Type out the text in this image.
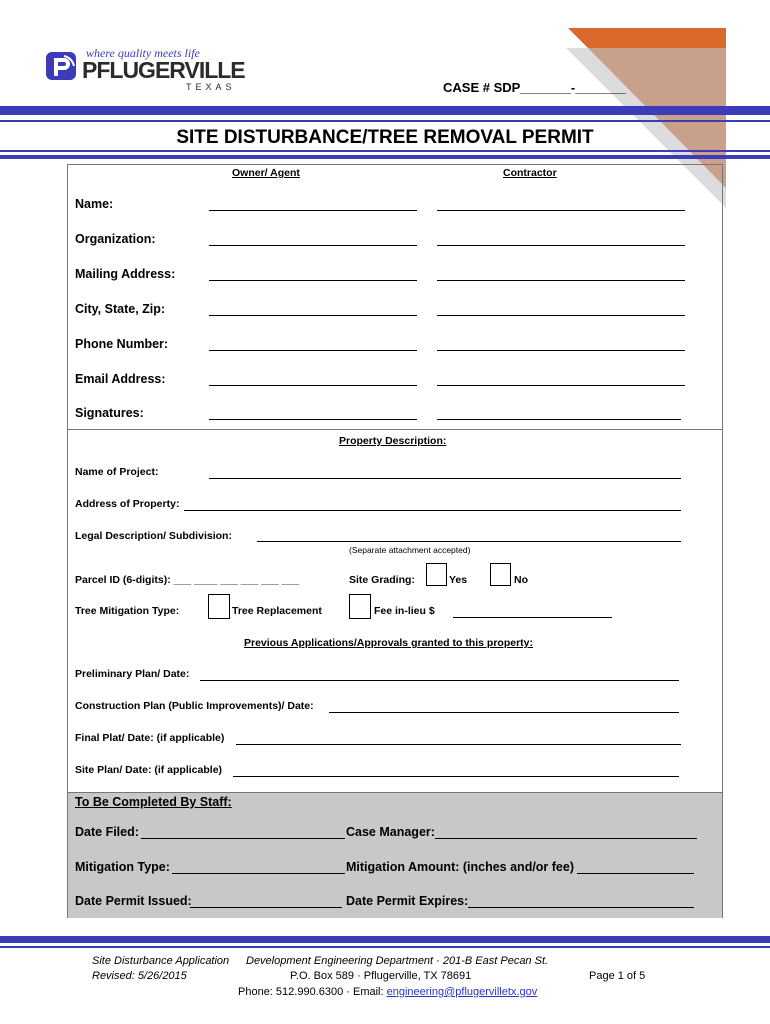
where quality meets life
PFLUGERVILLE
TEXAS	CASE # SDP_______-_______
SITE DISTURBANCE/TREE REMOVAL PERMIT
Owner/ Agent	Contractor
Name:
Organization:
Mailing Address:
City, State, Zip:
Phone Number:
Email Address:
Signatures:
Property Description:
Name of Project:
Address of Property:
Legal Description/ Subdivision:
(Separate attachment accepted)
Parcel ID (6-digits): ___ ____ ___ ___ ___ ___	Site Grading:	Yes	No
Tree Mitigation Type:	Tree Replacement	Fee in-lieu $
Previous Applications/Approvals granted to this property:
Preliminary Plan/ Date:
Construction Plan (Public Improvements)/ Date:
Final Plat/ Date: (if applicable)
Site Plan/ Date: (if applicable)
To Be Completed By Staff:
Date Filed:	Case Manager:
Mitigation Type:	Mitigation Amount: (inches and/or fee)
Date Permit Issued:	Date Permit Expires:
Site Disturbance Application
Revised: 5/26/2015
Development Engineering Department · 201-B East Pecan St.
P.O. Box 589 · Pflugerville, TX 78691
Phone: 512.990.6300 · Email: engineering@pflugervilletx.gov
Page 1 of 5
